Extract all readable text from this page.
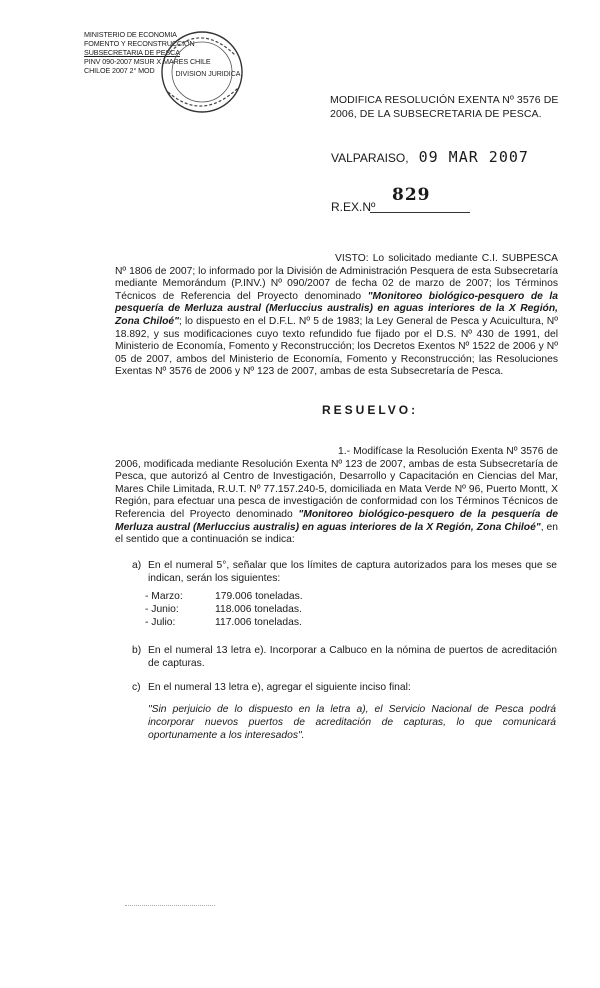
MINISTERIO DE ECONOMIA
FOMENTO Y RECONSTRUCCION
SUBSECRETARIA DE PESCA
PINV 090-2007 MSUR X MARES CHILE
CHILOE 2007 2° MOD	DIVISION JURIDICA
MODIFICA RESOLUCIÓN EXENTA Nº 3576 DE 2006, DE LA SUBSECRETARIA DE PESCA.
VALPARAISO, 09 MAR 2007
R.EX.Nº
829
VISTO: Lo solicitado mediante C.I. SUBPESCA Nº 1806 de 2007; lo informado por la División de Administración Pesquera de esta Subsecretaría mediante Memorándum (P.INV.) Nº 090/2007 de fecha 02 de marzo de 2007; los Términos Técnicos de Referencia del Proyecto denominado "Monitoreo biológico-pesquero de la pesquería de Merluza austral (Merluccius australis) en aguas interiores de la X Región, Zona Chiloé"; lo dispuesto en el D.F.L. Nº 5 de 1983; la Ley General de Pesca y Acuicultura, Nº 18.892, y sus modificaciones cuyo texto refundido fue fijado por el D.S. Nº 430 de 1991, del Ministerio de Economía, Fomento y Reconstrucción; los Decretos Exentos Nº 1522 de 2006 y Nº 05 de 2007, ambos del Ministerio de Economía, Fomento y Reconstrucción; las Resoluciones Exentas Nº 3576 de 2006 y Nº 123 de 2007, ambas de esta Subsecretaría de Pesca.
RESUELVO:
1.- Modifícase la Resolución Exenta Nº 3576 de 2006, modificada mediante Resolución Exenta Nº 123 de 2007, ambas de esta Subsecretaría de Pesca, que autorizó al Centro de Investigación, Desarrollo y Capacitación en Ciencias del Mar, Mares Chile Limitada, R.U.T. Nº 77.157.240-5, domiciliada en Mata Verde Nº 96, Puerto Montt, X Región, para efectuar una pesca de investigación de conformidad con los Términos Técnicos de Referencia del Proyecto denominado "Monitoreo biológico-pesquero de la pesquería de Merluza austral (Merluccius australis) en aguas interiores de la X Región, Zona Chiloé", en el sentido que a continuación se indica:
a) En el numeral 5°, señalar que los límites de captura autorizados para los meses que se indican, serán los siguientes:
- Marzo:	179.006 toneladas.
- Junio:	118.006 toneladas.
- Julio:	117.006 toneladas.
b) En el numeral 13 letra e). Incorporar a Calbuco en la nómina de puertos de acreditación de capturas.
c) En el numeral 13 letra e), agregar el siguiente inciso final:
"Sin perjuicio de lo dispuesto en la letra a), el Servicio Nacional de Pesca podrá incorporar nuevos puertos de acreditación de capturas, lo que comunicará oportunamente a los interesados".
